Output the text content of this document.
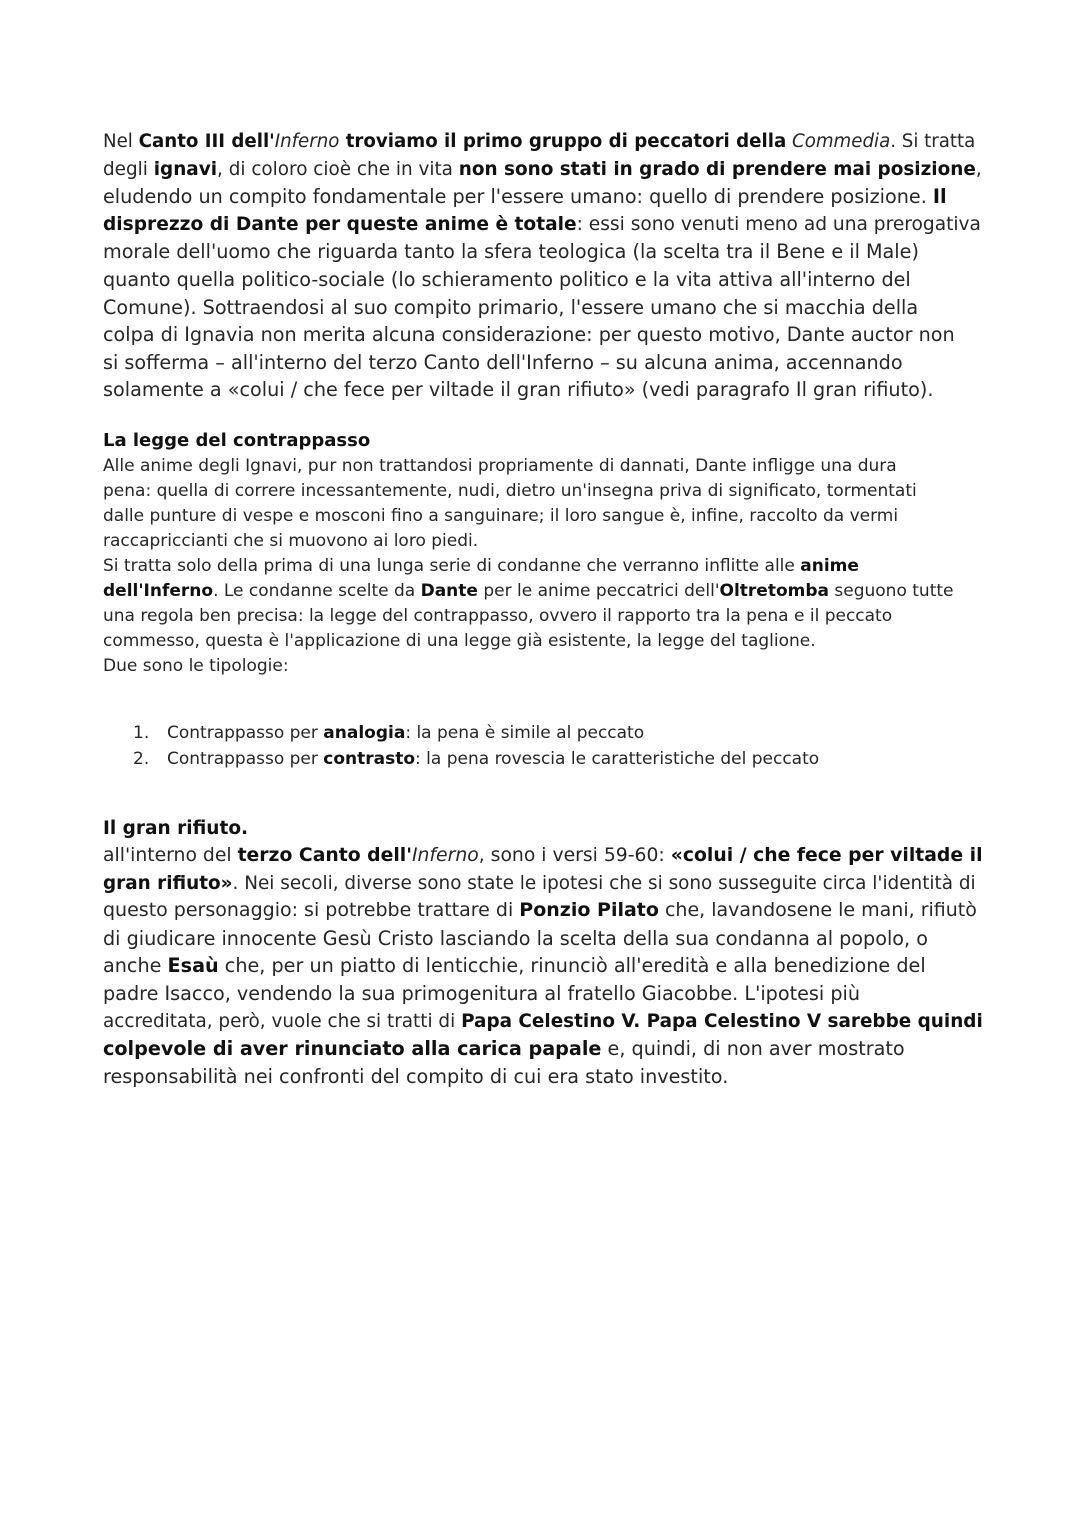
Nel Canto III dell'Inferno troviamo il primo gruppo di peccatori della Commedia. Si tratta
degli ignavi, di coloro cioè che in vita non sono stati in grado di prendere mai posizione,
eludendo un compito fondamentale per l'essere umano: quello di prendere posizione. Il
disprezzo di Dante per queste anime è totale: essi sono venuti meno ad una prerogativa
morale dell'uomo che riguarda tanto la sfera teologica (la scelta tra il Bene e il Male)
quanto quella politico-sociale (lo schieramento politico e la vita attiva all'interno del
Comune). Sottraendosi al suo compito primario, l'essere umano che si macchia della
colpa di Ignavia non merita alcuna considerazione: per questo motivo, Dante auctor non
si sofferma – all'interno del terzo Canto dell'Inferno – su alcuna anima, accennando
solamente a «colui / che fece per viltade il gran rifiuto» (vedi paragrafo Il gran rifiuto).
La legge del contrappasso
Alle anime degli Ignavi, pur non trattandosi propriamente di dannati, Dante infligge una dura
pena: quella di correre incessantemente, nudi, dietro un'insegna priva di significato, tormentati
dalle punture di vespe e mosconi fino a sanguinare; il loro sangue è, infine, raccolto da vermi
raccapriccianti che si muovono ai loro piedi.
Si tratta solo della prima di una lunga serie di condanne che verranno inflitte alle anime
dell'Inferno. Le condanne scelte da Dante per le anime peccatrici dell'Oltretomba seguono tutte
una regola ben precisa: la legge del contrappasso, ovvero il rapporto tra la pena e il peccato
commesso, questa è l'applicazione di una legge già esistente, la legge del taglione.
Due sono le tipologie:
1. Contrappasso per analogia: la pena è simile al peccato
2. Contrappasso per contrasto: la pena rovescia le caratteristiche del peccato
Il gran rifiuto.
all'interno del terzo Canto dell'Inferno, sono i versi 59-60: «colui / che fece per viltade il
gran rifiuto». Nei secoli, diverse sono state le ipotesi che si sono susseguite circa l'identità di
questo personaggio: si potrebbe trattare di Ponzio Pilato che, lavandosene le mani, rifiutò
di giudicare innocente Gesù Cristo lasciando la scelta della sua condanna al popolo, o
anche Esaù che, per un piatto di lenticchie, rinunciò all'eredità e alla benedizione del
padre Isacco, vendendo la sua primogenitura al fratello Giacobbe. L'ipotesi più
accreditata, però, vuole che si tratti di Papa Celestino V. Papa Celestino V sarebbe quindi
colpevole di aver rinunciato alla carica papale e, quindi, di non aver mostrato
responsabilità nei confronti del compito di cui era stato investito.
